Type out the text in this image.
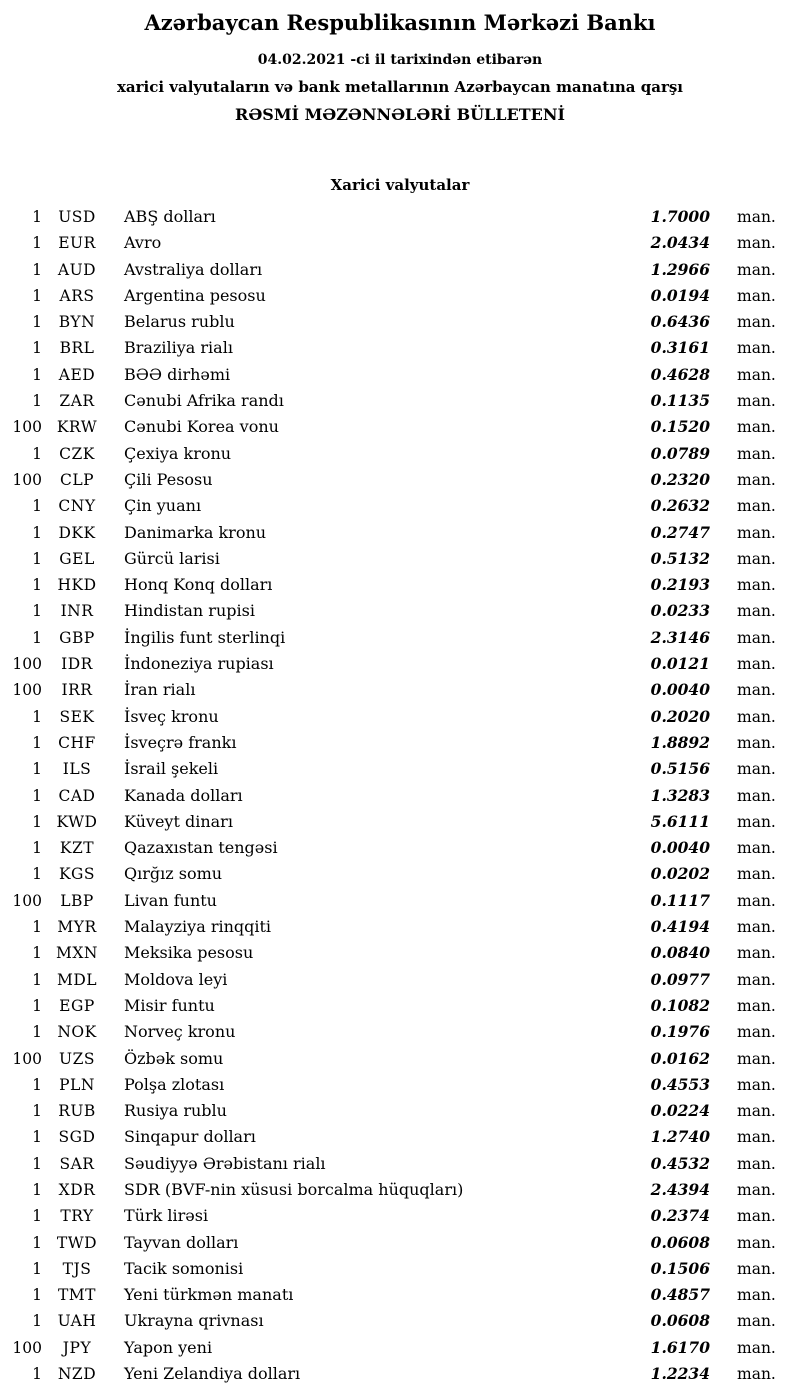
Azərbaycan Respublikasının Mərkəzi Bankı
04.02.2021 -ci il tarixindən etibarən
xarici valyutaların və bank metallarının Azərbaycan manatına qarşı
RƏSMİ MƏZƏNNƏLƏRİ BÜLLETENİ
Xarici valyutalar
1	USD	ABŞ dolları	1.7000	man.
1	EUR	Avro	2.0434	man.
1	AUD	Avstraliya dolları	1.2966	man.
1	ARS	Argentina pesosu	0.0194	man.
1	BYN	Belarus rublu	0.6436	man.
1	BRL	Braziliya rialı	0.3161	man.
1	AED	BƏƏ dirhəmi	0.4628	man.
1	ZAR	Cənubi Afrika randı	0.1135	man.
100 KRW	Cənubi Korea vonu	0.1520	man.
1	CZK	Çexiya kronu	0.0789	man.
100	CLP	Çili Pesosu	0.2320	man.
1	CNY	Çin yuanı	0.2632	man.
1	DKK	Danimarka kronu	0.2747	man.
1	GEL	Gürcü larisi	0.5132	man.
1 HKD	Honq Konq dolları	0.2193	man.
1	INR	Hindistan rupisi	0.0233	man.
1	GBP	İngilis funt sterlinqi	2.3146	man.
100	IDR	İndoneziya rupiası	0.0121	man.
100	IRR	İran rialı	0.0040	man.
1	SEK	İsveç kronu	0.2020	man.
1	CHF	İsveçrə frankı	1.8892	man.
1	ILS	İsrail şekeli	0.5156	man.
1	CAD	Kanada dolları	1.3283	man.
1 KWD	Küveyt dinarı	5.6111	man.
1	KZT	Qazaxıstan tengəsi	0.0040	man.
1	KGS	Qırğız somu	0.0202	man.
100	LBP	Livan funtu	0.1117	man.
1 MYR	Malayziya rinqqiti	0.4194	man.
1 MXN	Meksika pesosu	0.0840	man.
1 MDL	Moldova leyi	0.0977	man.
1	EGP	Misir funtu	0.1082	man.
1 NOK	Norveç kronu	0.1976	man.
100	UZS	Özbək somu	0.0162	man.
1	PLN	Polşa zlotası	0.4553	man.
1	RUB	Rusiya rublu	0.0224	man.
1	SGD	Sinqapur dolları	1.2740	man.
1	SAR	Səudiyyə Ərəbistanı rialı	0.4532	man.
1	XDR	SDR (BVF-nin xüsusi borcalma hüquqları)	2.4394	man.
1	TRY	Türk lirəsi	0.2374	man.
1 TWD	Tayvan dolları	0.0608	man.
1	TJS	Tacik somonisi	0.1506	man.
1	TMT	Yeni türkmən manatı	0.4857	man.
1	UAH	Ukrayna qrivnası	0.0608	man.
100	JPY	Yapon yeni	1.6170	man.
1	NZD	Yeni Zelandiya dolları	1.2234	man.
